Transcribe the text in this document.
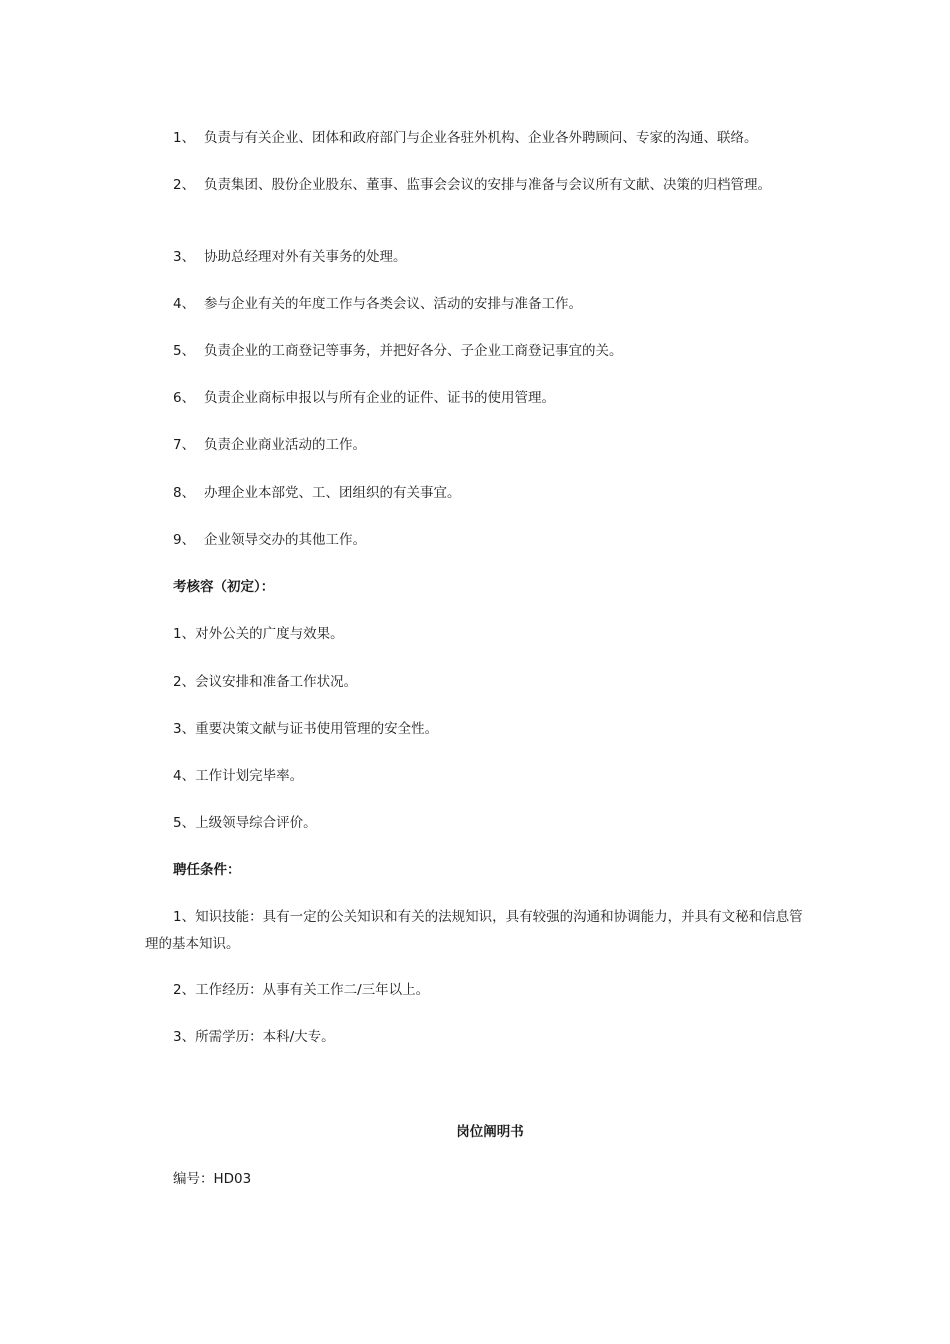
1、 负责与有关企业、团体和政府部门与企业各驻外机构、企业各外聘顾问、专家的沟通、联络。
2、 负责集团、股份企业股东、董事、监事会会议的安排与准备与会议所有文献、决策的归档管理。
3、 协助总经理对外有关事务的处理。
4、 参与企业有关的年度工作与各类会议、活动的安排与准备工作。
5、 负责企业的工商登记等事务，并把好各分、子企业工商登记事宜的关。
6、 负责企业商标申报以与所有企业的证件、证书的使用管理。
7、 负责企业商业活动的工作。
8、 办理企业本部党、工、团组织的有关事宜。
9、 企业领导交办的其他工作。
考核容（初定）：
1、对外公关的广度与效果。
2、会议安排和准备工作状况。
3、重要决策文献与证书使用管理的安全性。
4、工作计划完毕率。
5、上级领导综合评价。
聘任条件：
1、知识技能：具有一定的公关知识和有关的法规知识，具有较强的沟通和协调能力，并具有文秘和信息管理的基本知识。
2、工作经历：从事有关工作二/三年以上。
3、所需学历：本科/大专。
岗位阐明书
编号：HD03
